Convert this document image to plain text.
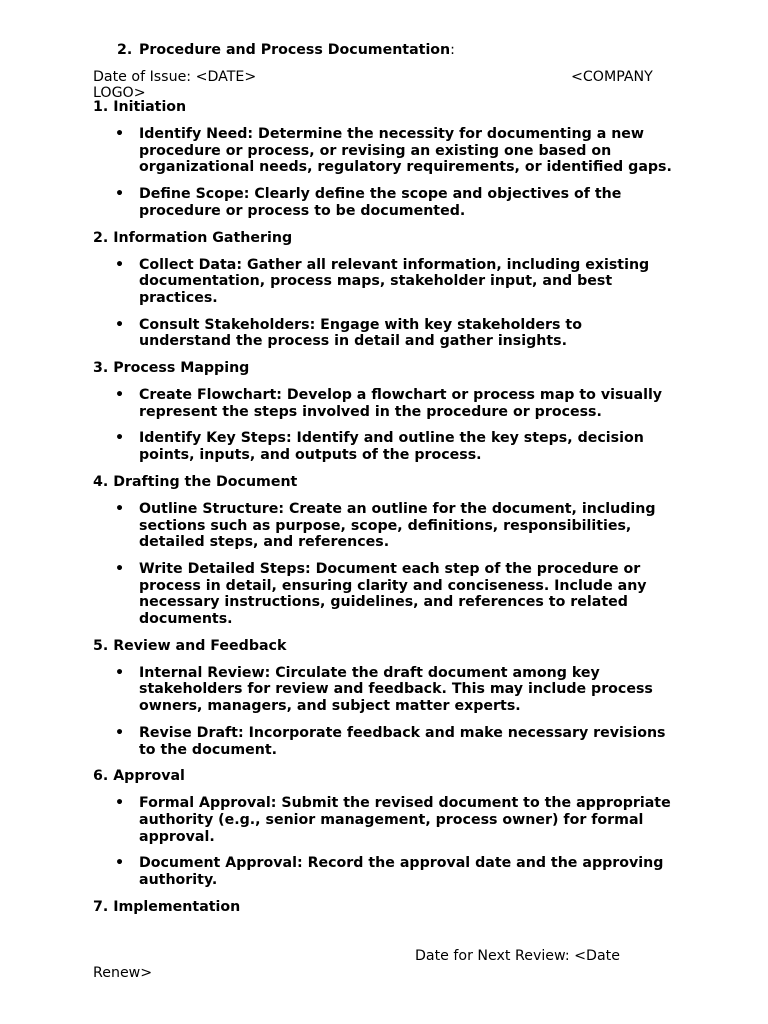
2. Procedure and Process Documentation:
Date of Issue: <DATE>	<COMPANY
LOGO>
1. Initiation
• Identify Need: Determine the necessity for documenting a new procedure or process, or revising an existing one based on organizational needs, regulatory requirements, or identified gaps.
• Define Scope: Clearly define the scope and objectives of the procedure or process to be documented.
2. Information Gathering
• Collect Data: Gather all relevant information, including existing documentation, process maps, stakeholder input, and best practices.
• Consult Stakeholders: Engage with key stakeholders to understand the process in detail and gather insights.
3. Process Mapping
• Create Flowchart: Develop a flowchart or process map to visually represent the steps involved in the procedure or process.
• Identify Key Steps: Identify and outline the key steps, decision points, inputs, and outputs of the process.
4. Drafting the Document
• Outline Structure: Create an outline for the document, including sections such as purpose, scope, definitions, responsibilities, detailed steps, and references.
• Write Detailed Steps: Document each step of the procedure or process in detail, ensuring clarity and conciseness. Include any necessary instructions, guidelines, and references to related documents.
5. Review and Feedback
• Internal Review: Circulate the draft document among key stakeholders for review and feedback. This may include process owners, managers, and subject matter experts.
• Revise Draft: Incorporate feedback and make necessary revisions to the document.
6. Approval
• Formal Approval: Submit the revised document to the appropriate authority (e.g., senior management, process owner) for formal approval.
• Document Approval: Record the approval date and the approving authority.
7. Implementation
Date for Next Review: <Date
Renew>
